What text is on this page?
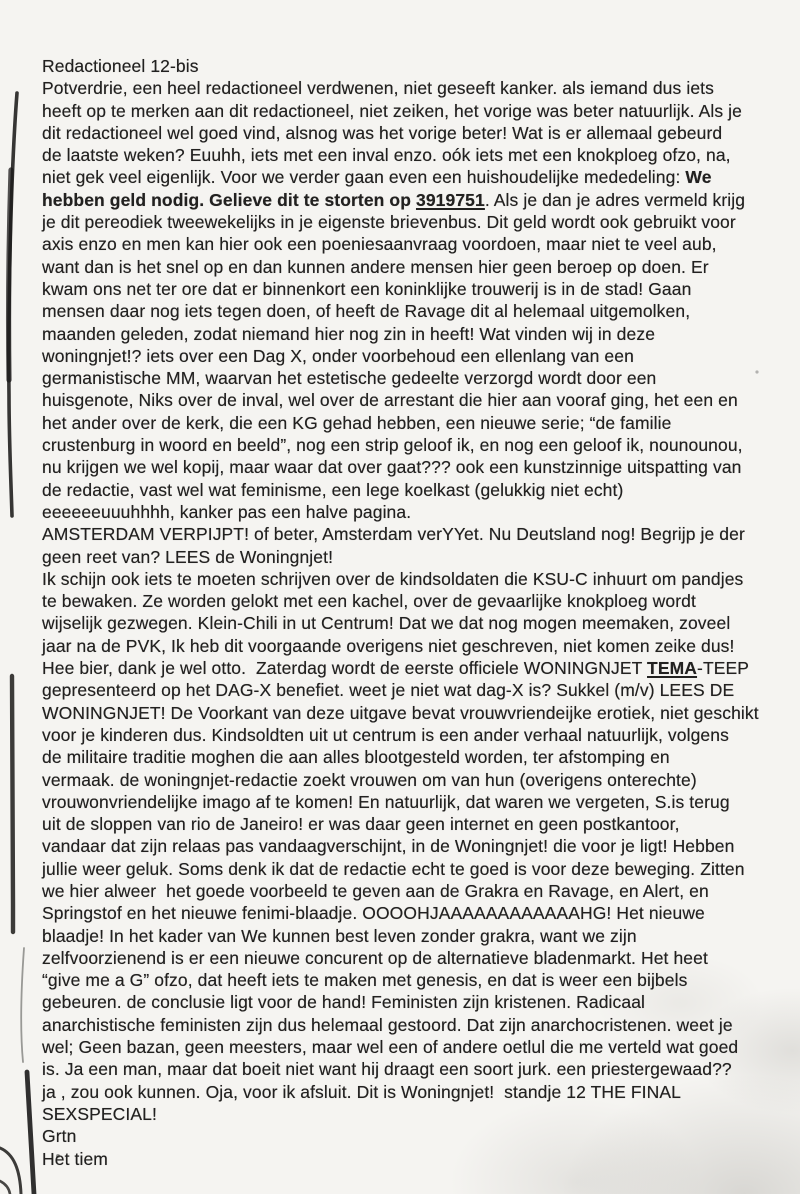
Redactioneel 12-bis
Potverdrie, een heel redactioneel verdwenen, niet geseeft kanker. als iemand dus iets
heeft op te merken aan dit redactioneel, niet zeiken, het vorige was beter natuurlijk. Als je
dit redactioneel wel goed vind, alsnog was het vorige beter! Wat is er allemaal gebeurd
de laatste weken? Euuhh, iets met een inval enzo. oók iets met een knokploeg ofzo, na,
niet gek veel eigenlijk. Voor we verder gaan even een huishoudelijke mededeling: We
hebben geld nodig. Gelieve dit te storten op 3919751. Als je dan je adres vermeld krijg
je dit pereodiek tweewekelijks in je eigenste brievenbus. Dit geld wordt ook gebruikt voor
axis enzo en men kan hier ook een poeniesaanvraag voordoen, maar niet te veel aub,
want dan is het snel op en dan kunnen andere mensen hier geen beroep op doen. Er
kwam ons net ter ore dat er binnenkort een koninklijke trouwerij is in de stad! Gaan
mensen daar nog iets tegen doen, of heeft de Ravage dit al helemaal uitgemolken,
maanden geleden, zodat niemand hier nog zin in heeft! Wat vinden wij in deze
woningnjet!? iets over een Dag X, onder voorbehoud een ellenlang van een
germanistische MM, waarvan het estetische gedeelte verzorgd wordt door een
huisgenote, Niks over de inval, wel over de arrestant die hier aan vooraf ging, het een en
het ander over de kerk, die een KG gehad hebben, een nieuwe serie; “de familie
crustenburg in woord en beeld”, nog een strip geloof ik, en nog een geloof ik, nounounou,
nu krijgen we wel kopij, maar waar dat over gaat??? ook een kunstzinnige uitspatting van
de redactie, vast wel wat feminisme, een lege koelkast (gelukkig niet echt)
eeeeeeuuuhhhh, kanker pas een halve pagina.
AMSTERDAM VERPIJPT! of beter, Amsterdam verYYet. Nu Deutsland nog! Begrijp je der
geen reet van? LEES de Woningnjet!
Ik schijn ook iets te moeten schrijven over de kindsoldaten die KSU-C inhuurt om pandjes
te bewaken. Ze worden gelokt met een kachel, over de gevaarlijke knokploeg wordt
wijselijk gezwegen. Klein-Chili in ut Centrum! Dat we dat nog mogen meemaken, zoveel
jaar na de PVK, Ik heb dit voorgaande overigens niet geschreven, niet komen zeike dus!
Hee bier, dank je wel otto.  Zaterdag wordt de eerste officiele WONINGNJET TEMA-TEEP
gepresenteerd op het DAG-X benefiet. weet je niet wat dag-X is? Sukkel (m/v) LEES DE
WONINGNJET! De Voorkant van deze uitgave bevat vrouwvriendeijke erotiek, niet geschikt
voor je kinderen dus. Kindsoldten uit ut centrum is een ander verhaal natuurlijk, volgens
de militaire traditie moghen die aan alles blootgesteld worden, ter afstomping en
vermaak. de woningnjet-redactie zoekt vrouwen om van hun (overigens onterechte)
vrouwonvriendelijke imago af te komen! En natuurlijk, dat waren we vergeten, S.is terug
uit de sloppen van rio de Janeiro! er was daar geen internet en geen postkantoor,
vandaar dat zijn relaas pas vandaagverschijnt, in de Woningnjet! die voor je ligt! Hebben
jullie weer geluk. Soms denk ik dat de redactie echt te goed is voor deze beweging. Zitten
we hier alweer  het goede voorbeeld te geven aan de Grakra en Ravage, en Alert, en
Springstof en het nieuwe fenimi-blaadje. OOOOHJAAAAAAAAAAAAHG! Het nieuwe
blaadje! In het kader van We kunnen best leven zonder grakra, want we zijn
zelfvoorzienend is er een nieuwe concurent op de alternatieve bladenmarkt. Het heet
“give me a G” ofzo, dat heeft iets te maken met genesis, en dat is weer een bijbels
gebeuren. de conclusie ligt voor de hand! Feministen zijn kristenen. Radicaal
anarchistische feministen zijn dus helemaal gestoord. Dat zijn anarchocristenen. weet je
wel; Geen bazan, geen meesters, maar wel een of andere oetlul die me verteld wat goed
is. Ja een man, maar dat boeit niet want hij draagt een soort jurk. een priestergewaad??
ja , zou ook kunnen. Oja, voor ik afsluit. Dit is Woningnjet!  standje 12 THE FINAL
SEXSPECIAL!
Grtn
Het tiem
